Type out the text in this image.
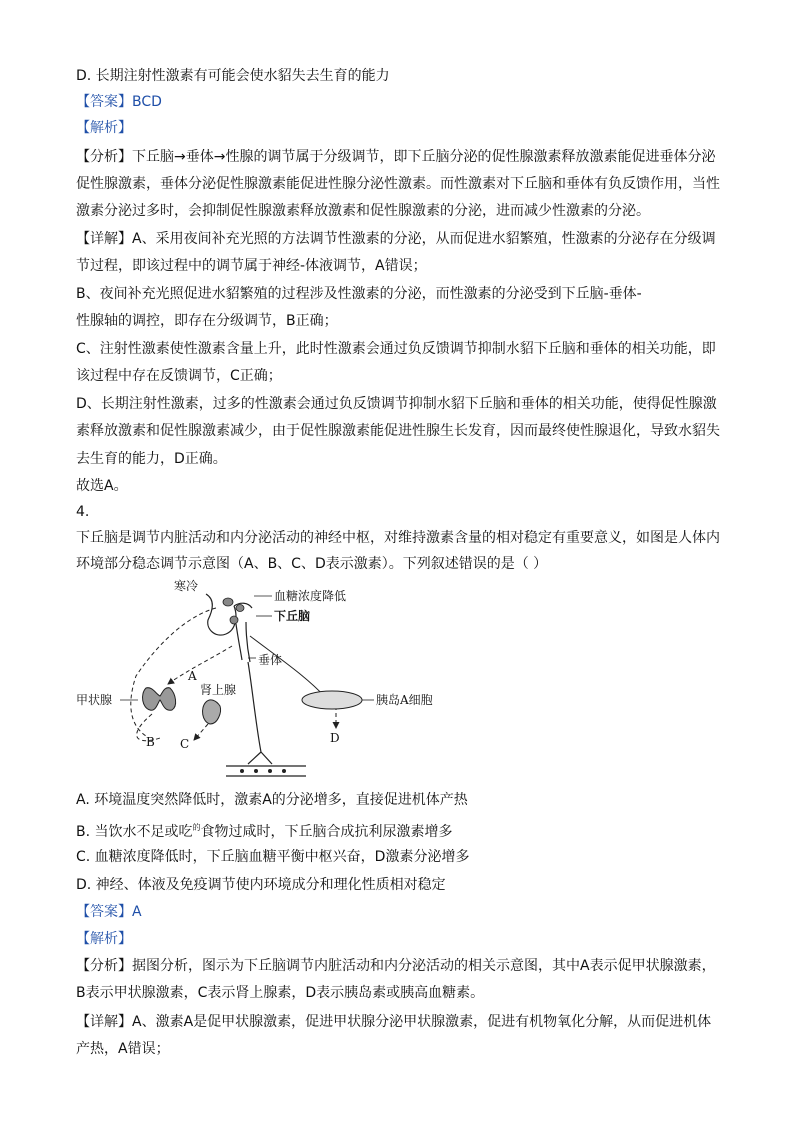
D. 长期注射性激素有可能会使水貂失去生育的能力
【答案】BCD
【解析】
【分析】下丘脑→垂体→性腺的调节属于分级调节，即下丘脑分泌的促性腺激素释放激素能促进垂体分泌
促性腺激素，垂体分泌促性腺激素能促进性腺分泌性激素。而性激素对下丘脑和垂体有负反馈作用，当性
激素分泌过多时，会抑制促性腺激素释放激素和促性腺激素的分泌，进而减少性激素的分泌。
【详解】A、采用夜间补充光照的方法调节性激素的分泌，从而促进水貂繁殖，性激素的分泌存在分级调
节过程，即该过程中的调节属于神经-体液调节，A错误；
B、夜间补充光照促进水貂繁殖的过程涉及性激素的分泌，而性激素的分泌受到下丘脑-垂体-
性腺轴的调控，即存在分级调节，B正确；
C、注射性激素使性激素含量上升，此时性激素会通过负反馈调节抑制水貂下丘脑和垂体的相关功能，即
该过程中存在反馈调节，C正确；
D、长期注射性激素，过多的性激素会通过负反馈调节抑制水貂下丘脑和垂体的相关功能，使得促性腺激
素释放激素和促性腺激素减少，由于促性腺激素能促进性腺生长发育，因而最终使性腺退化，导致水貂失
去生育的能力，D正确。
故选A。
4.
下丘脑是调节内脏活动和内分泌活动的神经中枢，对维持激素含量的相对稳定有重要意义，如图是人体内
环境部分稳态调节示意图（A、B、C、D表示激素）。下列叙述错误的是（ ）
寒冷
血糖浓度降低
下丘脑
垂体
A
肾上腺
甲状腺	胰岛A细胞
B C	D
A. 环境温度突然降低时，激素A的分泌增多，直接促进机体产热
B. 当饮水不足或吃$^的$食物过咸时，下丘脑合成抗利尿激素增多
C. 血糖浓度降低时，下丘脑血糖平衡中枢兴奋，D激素分泌增多
D. 神经、体液及免疫调节使内环境成分和理化性质相对稳定
【答案】A
【解析】
【分析】据图分析，图示为下丘脑调节内脏活动和内分泌活动的相关示意图，其中A表示促甲状腺激素，
B表示甲状腺激素，C表示肾上腺素，D表示胰岛素或胰高血糖素。
【详解】A、激素A是促甲状腺激素，促进甲状腺分泌甲状腺激素，促进有机物氧化分解，从而促进机体
产热，A错误；
